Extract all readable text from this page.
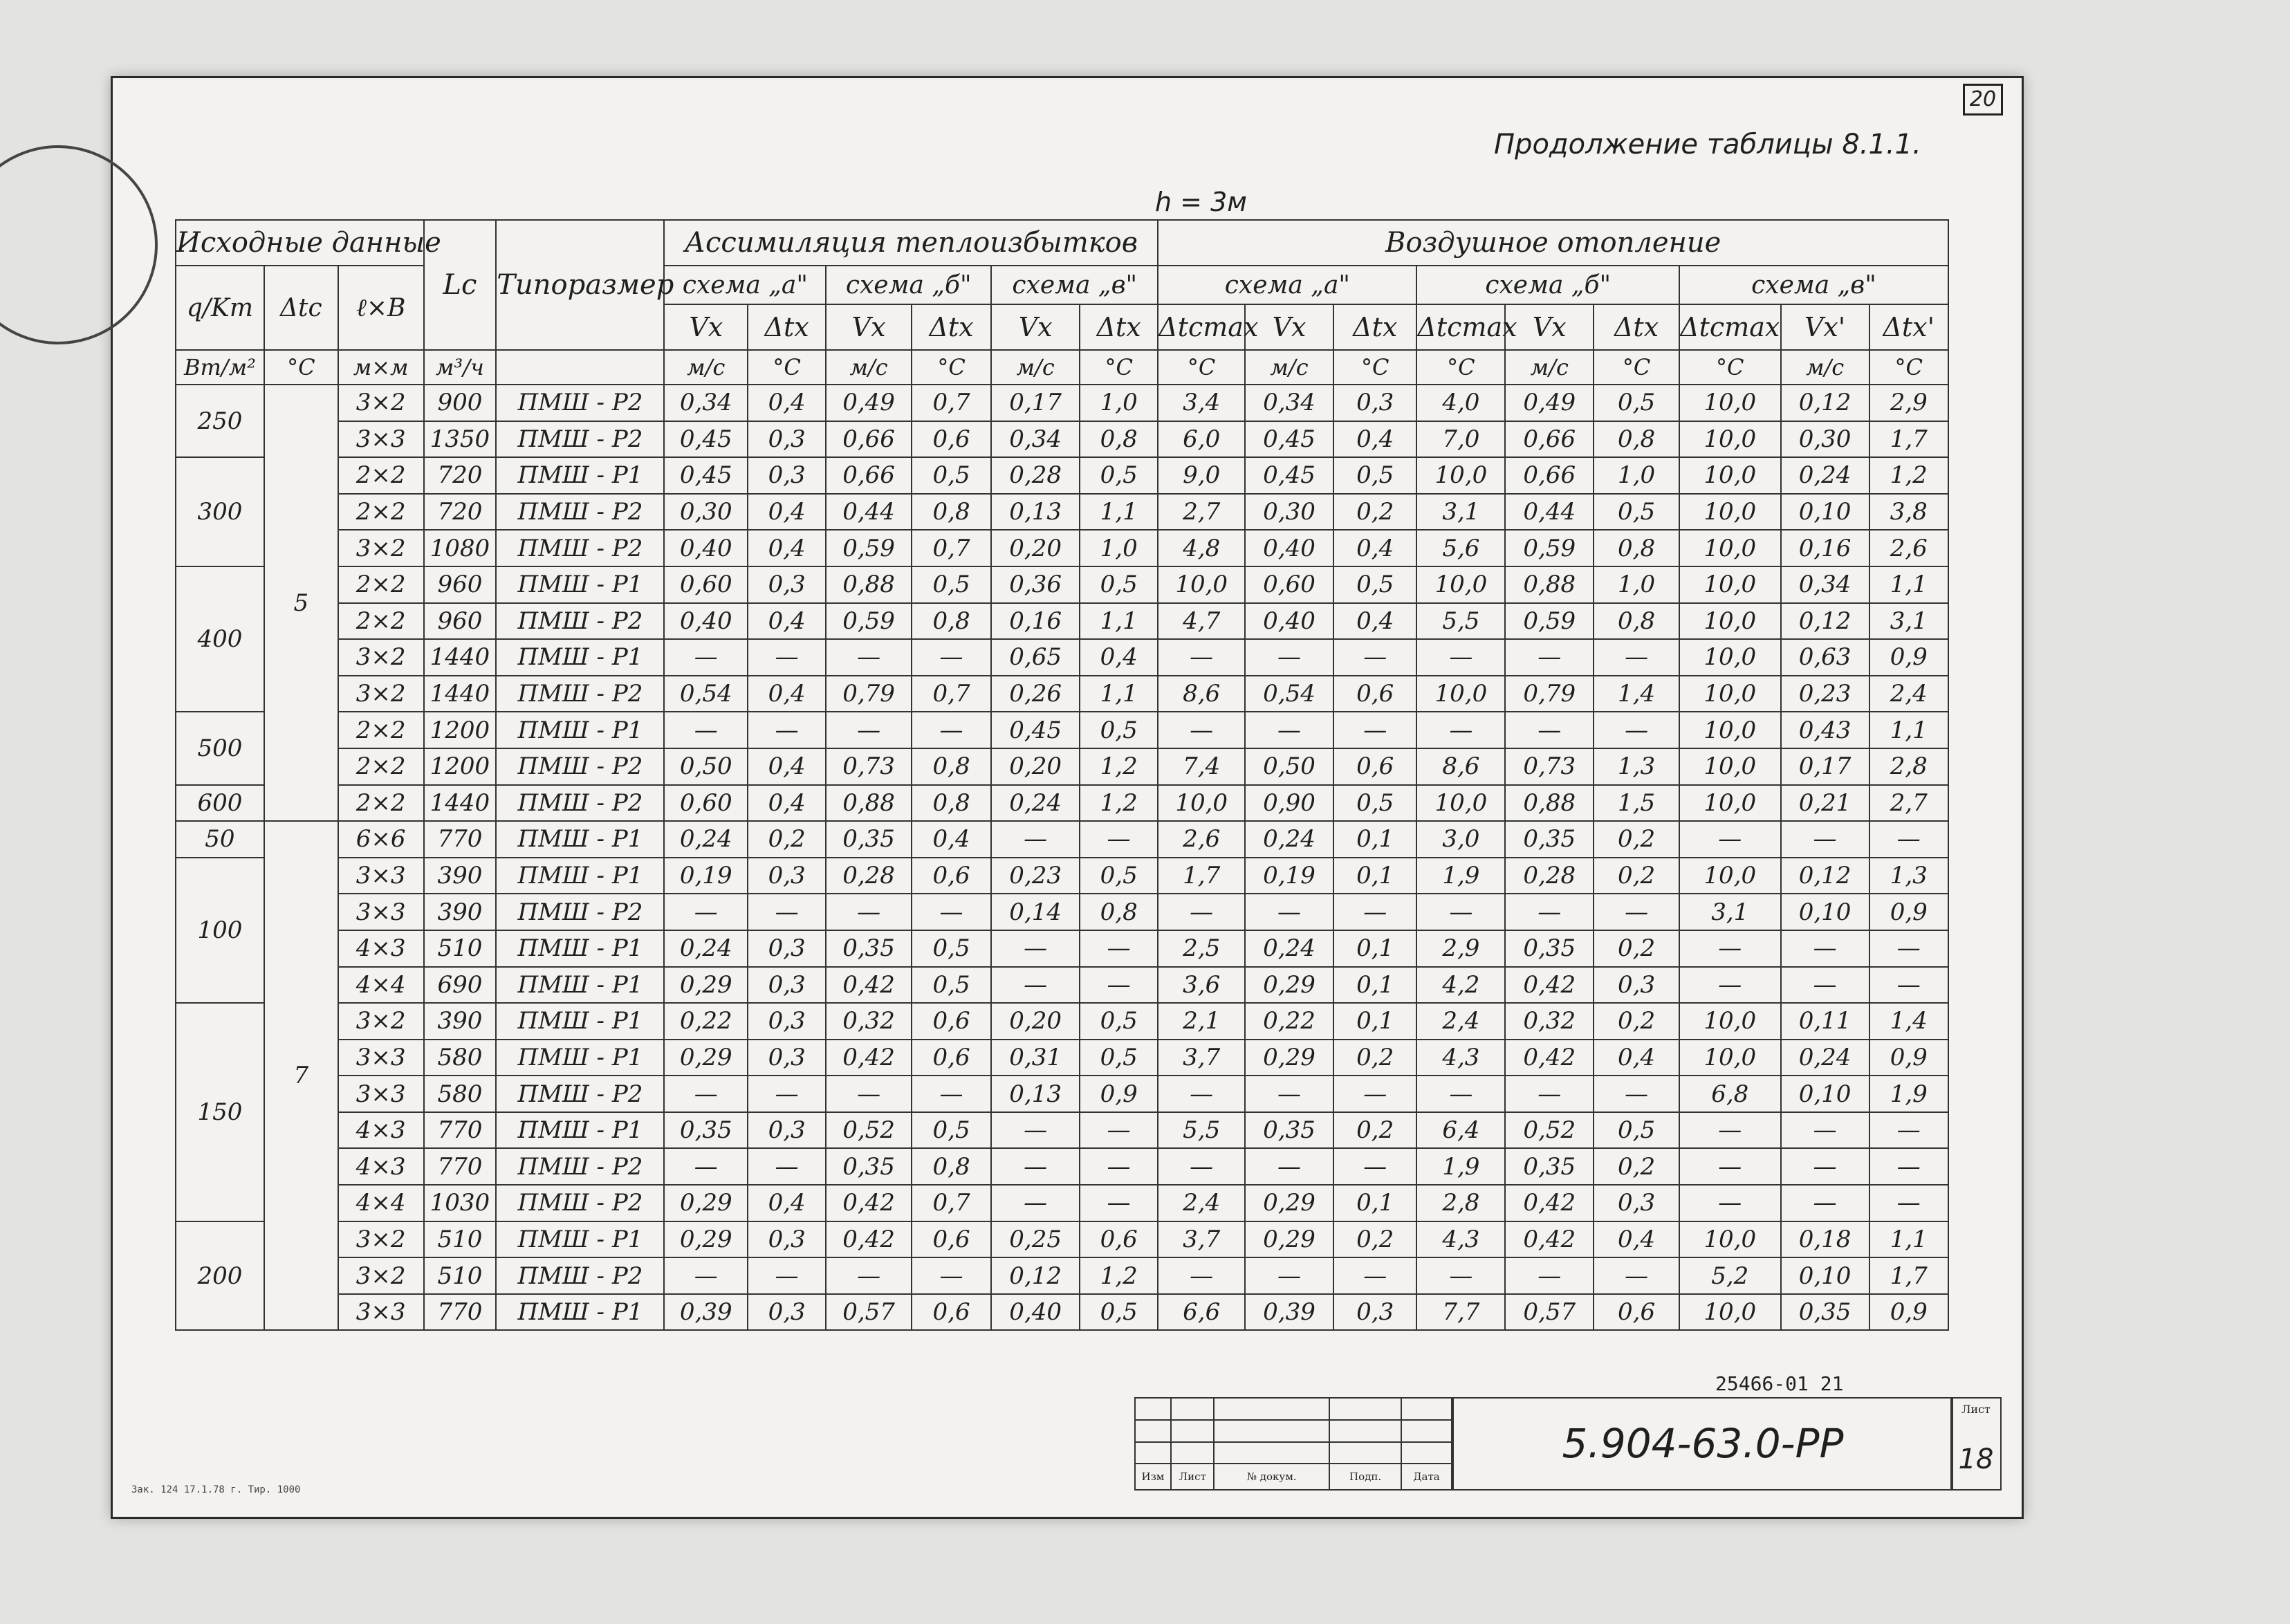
20
Продолжение таблицы 8.1.1.
h = 3м
Исходные данные			Lс	Типоразмер	Ассимиляция теплоизбытков						Воздушное отопление								
q/Kт	Δtс	ℓ×B			схема „а"		схема „б"		схема „в"		схема „а"			схема „б"			схема „в"		
					Vx	Δtx	Vx	Δtx	Vx	Δtx	Δtcmax	Vx	Δtx	Δtcmax	Vx	Δtx	Δtcmax	Vx'	Δtx'
Вт/м²	°C	м×м	м³/ч		м/с	°C	м/с	°C	м/с	°C	°C	м/с	°C	°C	м/с	°C	°C	м/с	°C
250	5	3×2	900	ПМШ - Р2	0,34	0,4	0,49	0,7	0,17	1,0	3,4	0,34	0,3	4,0	0,49	0,5	10,0	0,12	2,9
		3×3	1350	ПМШ - Р2	0,45	0,3	0,66	0,6	0,34	0,8	6,0	0,45	0,4	7,0	0,66	0,8	10,0	0,30	1,7
300		2×2	720	ПМШ - Р1	0,45	0,3	0,66	0,5	0,28	0,5	9,0	0,45	0,5	10,0	0,66	1,0	10,0	0,24	1,2
		2×2	720	ПМШ - Р2	0,30	0,4	0,44	0,8	0,13	1,1	2,7	0,30	0,2	3,1	0,44	0,5	10,0	0,10	3,8
		3×2	1080	ПМШ - Р2	0,40	0,4	0,59	0,7	0,20	1,0	4,8	0,40	0,4	5,6	0,59	0,8	10,0	0,16	2,6
400		2×2	960	ПМШ - Р1	0,60	0,3	0,88	0,5	0,36	0,5	10,0	0,60	0,5	10,0	0,88	1,0	10,0	0,34	1,1
		2×2	960	ПМШ - Р2	0,40	0,4	0,59	0,8	0,16	1,1	4,7	0,40	0,4	5,5	0,59	0,8	10,0	0,12	3,1
		3×2	1440	ПМШ - Р1	—	—	—	—	0,65	0,4	—	—	—	—	—	—	10,0	0,63	0,9
		3×2	1440	ПМШ - Р2	0,54	0,4	0,79	0,7	0,26	1,1	8,6	0,54	0,6	10,0	0,79	1,4	10,0	0,23	2,4
500		2×2	1200	ПМШ - Р1	—	—	—	—	0,45	0,5	—	—	—	—	—	—	10,0	0,43	1,1
		2×2	1200	ПМШ - Р2	0,50	0,4	0,73	0,8	0,20	1,2	7,4	0,50	0,6	8,6	0,73	1,3	10,0	0,17	2,8
600		2×2	1440	ПМШ - Р2	0,60	0,4	0,88	0,8	0,24	1,2	10,0	0,90	0,5	10,0	0,88	1,5	10,0	0,21	2,7
50	7	6×6	770	ПМШ - Р1	0,24	0,2	0,35	0,4	—	—	2,6	0,24	0,1	3,0	0,35	0,2	—	—	—
100		3×3	390	ПМШ - Р1	0,19	0,3	0,28	0,6	0,23	0,5	1,7	0,19	0,1	1,9	0,28	0,2	10,0	0,12	1,3
		3×3	390	ПМШ - Р2	—	—	—	—	0,14	0,8	—	—	—	—	—	—	3,1	0,10	0,9
		4×3	510	ПМШ - Р1	0,24	0,3	0,35	0,5	—	—	2,5	0,24	0,1	2,9	0,35	0,2	—	—	—
		4×4	690	ПМШ - Р1	0,29	0,3	0,42	0,5	—	—	3,6	0,29	0,1	4,2	0,42	0,3	—	—	—
150		3×2	390	ПМШ - Р1	0,22	0,3	0,32	0,6	0,20	0,5	2,1	0,22	0,1	2,4	0,32	0,2	10,0	0,11	1,4
		3×3	580	ПМШ - Р1	0,29	0,3	0,42	0,6	0,31	0,5	3,7	0,29	0,2	4,3	0,42	0,4	10,0	0,24	0,9
		3×3	580	ПМШ - Р2	—	—	—	—	0,13	0,9	—	—	—	—	—	—	6,8	0,10	1,9
		4×3	770	ПМШ - Р1	0,35	0,3	0,52	0,5	—	—	5,5	0,35	0,2	6,4	0,52	0,5	—	—	—
		4×3	770	ПМШ - Р2	—	—	0,35	0,8	—	—	—	—	—	1,9	0,35	0,2	—	—	—
		4×4	1030	ПМШ - Р2	0,29	0,4	0,42	0,7	—	—	2,4	0,29	0,1	2,8	0,42	0,3	—	—	—
200		3×2	510	ПМШ - Р1	0,29	0,3	0,42	0,6	0,25	0,6	3,7	0,29	0,2	4,3	0,42	0,4	10,0	0,18	1,1
		3×2	510	ПМШ - Р2	—	—	—	—	0,12	1,2	—	—	—	—	—	—	5,2	0,10	1,7
		3×3	770	ПМШ - Р1	0,39	0,3	0,57	0,6	0,40	0,5	6,6	0,39	0,3	7,7	0,57	0,6	10,0	0,35	0,9
25466-01 21

Изм	Лист	№ докум.	Подп.	Дата
5.904-63.0-РР
Лист
18
Зак. 124 17.1.78 г. Тир. 1000
